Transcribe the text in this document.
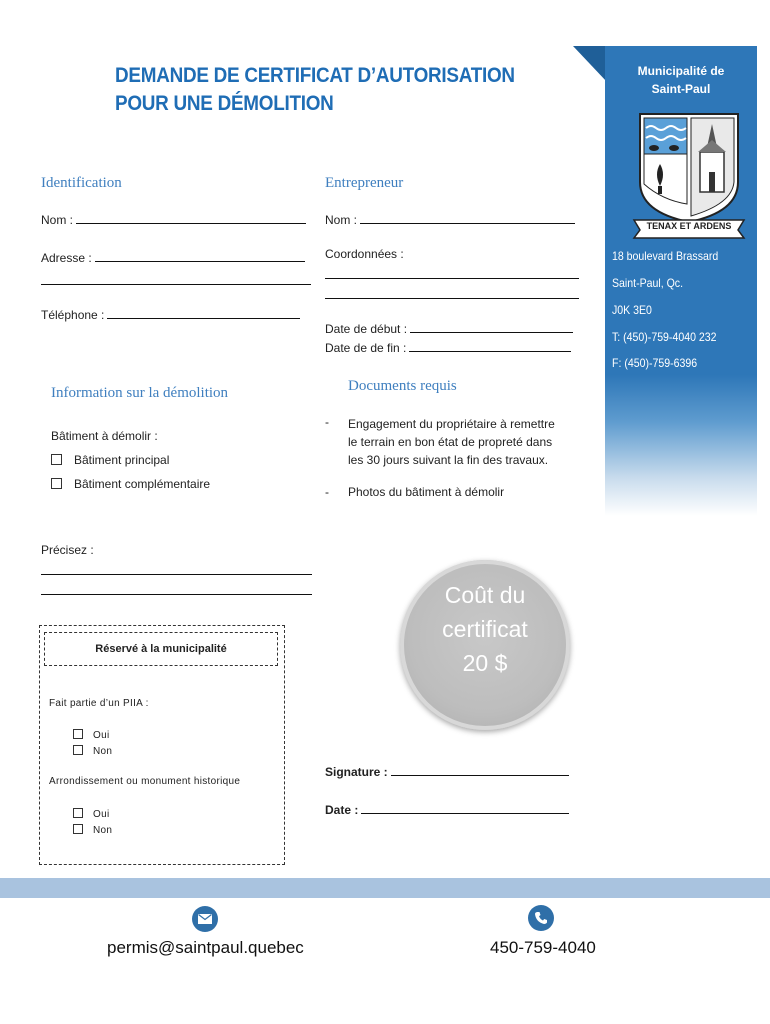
DEMANDE DE CERTIFICAT D’AUTORISATION
POUR UNE DÉMOLITION
Municipalité de
Saint-Paul
TENAX ET ARDENS
18 boulevard Brassard
Saint-Paul, Qc.
J0K 3E0
T: (450)-759-4040 232
F: (450)-759-6396
Identification
Nom :
Adresse :
Téléphone :
Entrepreneur
Nom :
Coordonnées :
Date de début :
Date de de fin :
Information sur la démolition
Bâtiment à démolir :
Bâtiment principal
Bâtiment complémentaire
Documents requis
- Engagement du propriétaire à remettre
le terrain en bon état de propreté dans
les 30 jours suivant la fin des travaux.
- Photos du bâtiment à démolir
Précisez :
Réservé à la municipalité
Fait partie d’un PIIA :
Oui
Non
Arrondissement ou monument historique
Oui
Non
Coût du
certificat
20 $
Signature :
Date :
permis@saintpaul.quebec	450-759-4040
